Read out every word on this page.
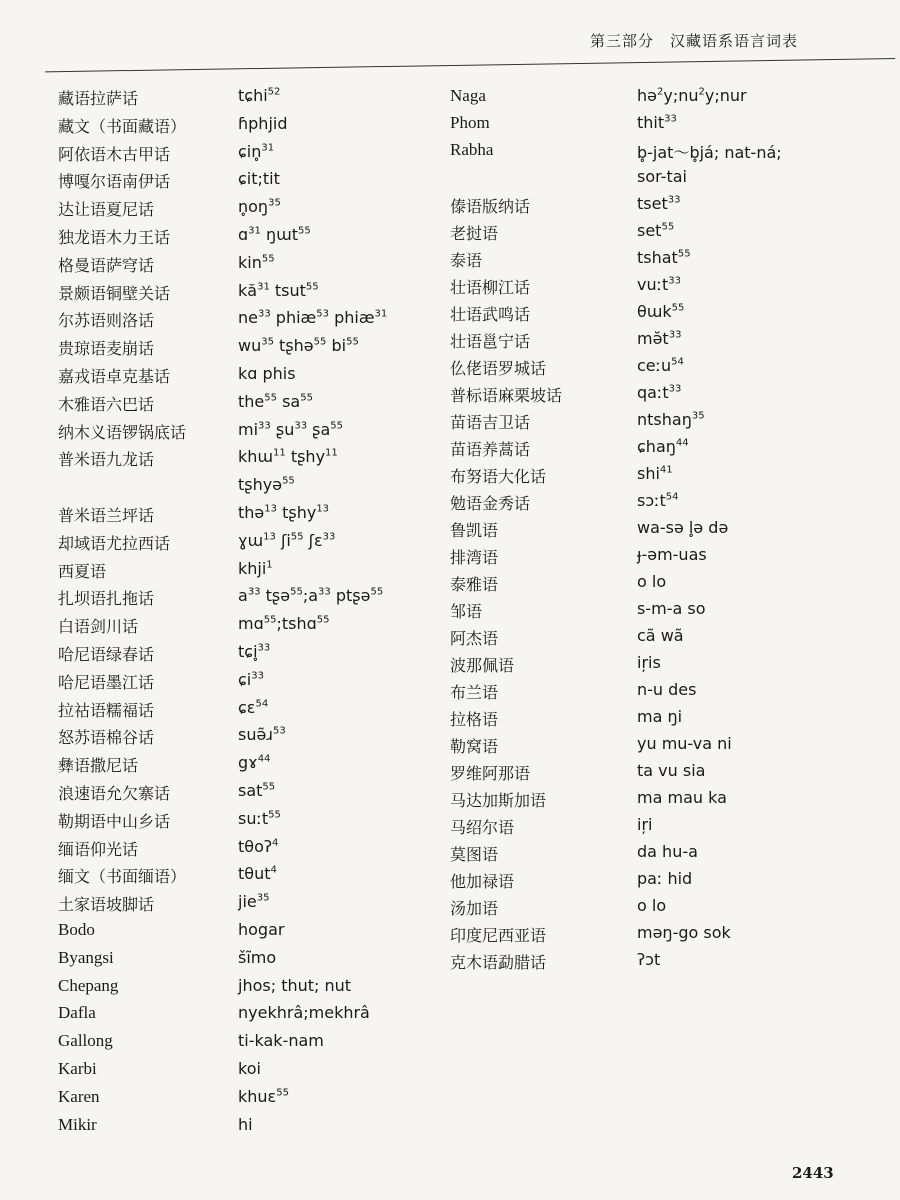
第三部分　汉藏语系语言词表
藏语拉萨话	tɕhi$^{52}$
藏文（书面藏语）	ɦphjid
阿依语木古甲话	ɕin̥$^{31}$
博嘎尔语南伊话	ɕit;tit
达让语夏尼话	$n̥oŋ^{35}$
独龙语木力王话	ɑ$^{31}$ ŋɯt$^{55}$
格曼语萨穹话	kin$^{55}$
景颇语铜壁关话	$kă^{31}$ tsut$^{55}$
尔苏语则洛话	$ne^{33}$ phiæ$^{53}$ phiæ$^{31}$
贵琼语麦崩话	$wu^{35}$ tʂhə$^{55}$ $bi^{55}$
嘉戎语卓克基话	kɑ phis
木雅语六巴话	the$^{55}$ $sa^{55}$
纳木义语锣锅底话	$mi^{33}$ ʂu$^{33}$ ʂa$^{55}$
普米语九龙话	khɯ$^{11}$ tʂhy$^{11}$
tʂhyə$^{55}$
普米语兰坪话	thə$^{13}$ tʂhy$^{13}$
却域语尤拉西话	ɣɯ$^{13}$ ʃi$^{55}$ ʃɛ$^{33}$
西夏语	khji$^1$
扎坝语扎拖话	$a^{33}$ $tʂə^{55};a^{33}$ ptʂə$^{55}$
白语剑川话	mɑ$^{55}$;tshɑ$^{55}$
哈尼语绿春话	tɕi̥$^{33}$
哈尼语墨江话	ɕi$^{33}$
拉祜语糯福话	ɕɛ$^{54}$
怒苏语棉谷话	suə̃ɹ$^{53}$
彝语撒尼话	gɤ$^{44}$
浪速语允欠寨话	sat$^{55}$
勒期语中山乡话	suːt$^{55}$
缅语仰光话	tθoʔ$^4$
缅文（书面缅语）	tθut$^4$
土家语坡脚话	jie$^{35}$
Bodo	hogar
Byangsi	šĩmo
Chepang	jhos; thut; nut
Dafla	nyekhrâ;mekhrâ
Gallong	ti-kak-nam
Karbi	koi
Karen	khuɛ$^{55}$
Mikir	hi
Naga	$hə^2y;nu^2y;nur$
Phom	thit$^{33}$
Rabha	b̥-jat～b̥já; nat-ná;
sor-tai
傣语版纳话	tset$^{33}$
老挝语	set$^{55}$
泰语	tshat$^{55}$
壮语柳江话	vuːt$^{33}$
壮语武鸣话	θɯk$^{55}$
壮语邕宁话	$mə̆t^{33}$
仫佬语罗城话	ceːu$^{54}$
普标语麻栗坡话	qaːt$^{33}$
苗语吉卫话	ntshaŋ$^{35}$
苗语养蒿话	ɕhaŋ$^{44}$
布努语大化话	shi$^{41}$
勉语金秀话	sɔːt$^{54}$
鲁凯语	wa-sə l̥ə də
排湾语	ɟ-əm-uas
泰雅语	o lo
邹语	s-m-a so
阿杰语	cã wã
波那佩语	iŗis
布兰语	n-u des
拉格语	ma ŋi
勒窝语	yu mu-va ni
罗维阿那语	ta vu sia
马达加斯加语	ma mau ka
马绍尔语	iŗi
莫图语	da hu-a
他加禄语	paː hid
汤加语	o lo
印度尼西亚语	məŋ-go sok
克木语勐腊话	ʔɔt
2443
